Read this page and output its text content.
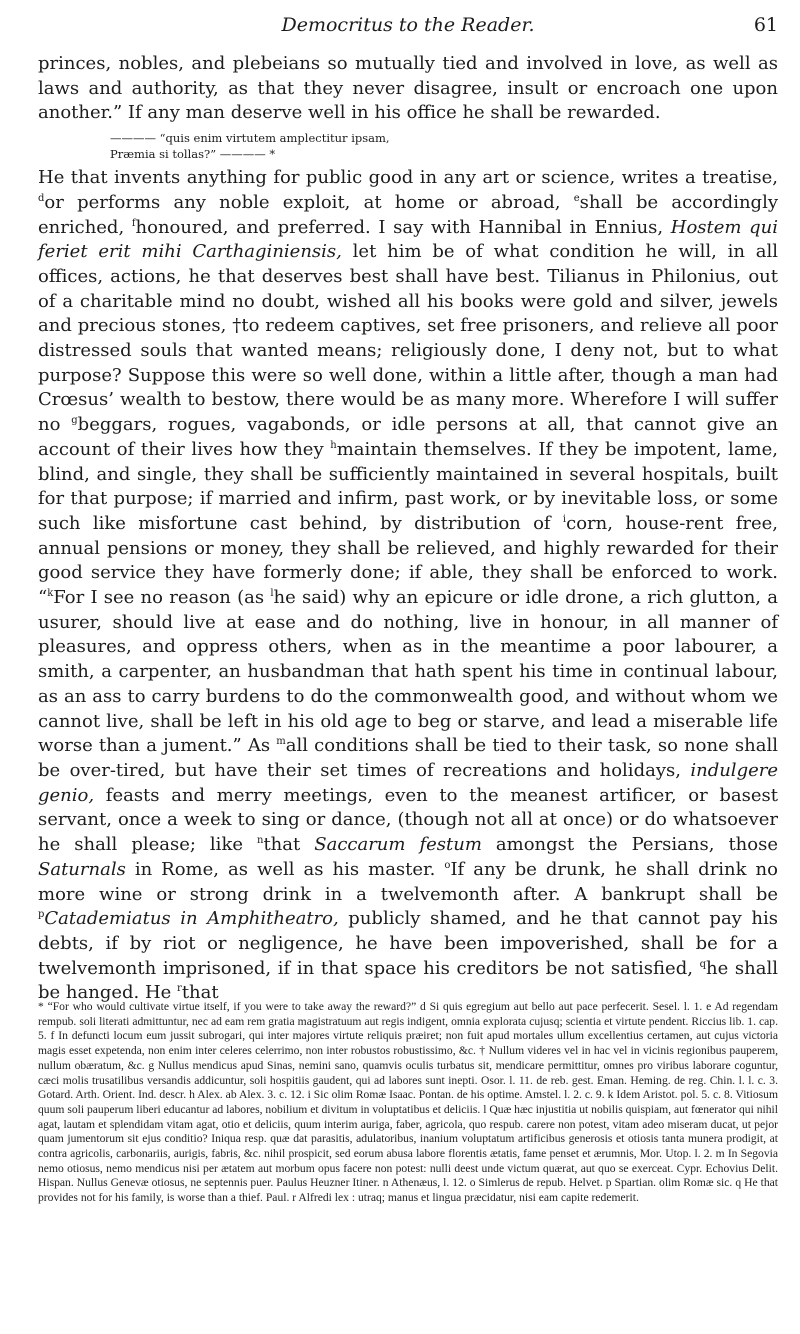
Democritus to the Reader.	61

princes, nobles, and plebeians so mutually tied and involved in love, as well as laws and authority, as that they never disagree, insult or encroach one upon another.” If any man deserve well in his office he shall be rewarded.

———— “quis enim virtutem amplectitur ipsam,
Præmia si tollas?” ———— *

He that invents anything for public good in any art or science, writes a treatise, $^d$or performs any noble exploit, at home or abroad, $^e$shall be accordingly enriched, $^f$honoured, and preferred. I say with Hannibal in Ennius, Hostem qui feriet erit mihi Carthaginiensis, let him be of what condition he will, in all offices, actions, he that deserves best shall have best. Tilianus in Philonius, out of a charitable mind no doubt, wished all his books were gold and silver, jewels and precious stones, †to redeem captives, set free prisoners, and relieve all poor distressed souls that wanted means; religiously done, I deny not, but to what purpose? Suppose this were so well done, within a little after, though a man had Crœsus’ wealth to bestow, there would be as many more. Wherefore I will suffer no $^g$beggars, rogues, vagabonds, or idle persons at all, that cannot give an account of their lives how they $^h$maintain themselves. If they be impotent, lame, blind, and single, they shall be sufficiently maintained in several hospitals, built for that purpose; if married and infirm, past work, or by inevitable loss, or some such like misfortune cast behind, by distribution of $^i$corn, house-rent free, annual pensions or money, they shall be relieved, and highly rewarded for their good service they have formerly done; if able, they shall be enforced to work. “$^k$For I see no reason (as $^l$he said) why an epicure or idle drone, a rich glutton, a usurer, should live at ease and do nothing, live in honour, in all manner of pleasures, and oppress others, when as in the meantime a poor labourer, a smith, a carpenter, an husbandman that hath spent his time in continual labour, as an ass to carry burdens to do the commonwealth good, and without whom we cannot live, shall be left in his old age to beg or starve, and lead a miserable life worse than a jument.” As $^m$all conditions shall be tied to their task, so none shall be over-tired, but have their set times of recreations and holidays, indulgere genio, feasts and merry meetings, even to the meanest artificer, or basest servant, once a week to sing or dance, (though not all at once) or do whatsoever he shall please; like $^n$that Saccarum festum amongst the Persians, those Saturnals in Rome, as well as his master. $^o$If any be drunk, he shall drink no more wine or strong drink in a twelvemonth after. A bankrupt shall be $^p$Catademiatus in Amphitheatro, publicly shamed, and he that cannot pay his debts, if by riot or negligence, he have been impoverished, shall be for a twelvemonth imprisoned, if in that space his creditors be not satisfied, $^q$he shall be hanged. He $^r$that

* “For who would cultivate virtue itself, if you were to take away the reward?” d Si quis egregium aut bello aut pace perfecerit. Sesel. l. 1. e Ad regendam rempub. soli literati admittuntur, nec ad eam rem gratia magistratuum aut regis indigent, omnia explorata cujusq; scientia et virtute pendent. Riccius lib. 1. cap. 5. f In defuncti locum eum jussit subrogari, qui inter majores virtute reliquis præiret; non fuit apud mortales ullum excellentius certamen, aut cujus victoria magis esset expetenda, non enim inter celeres celerrimo, non inter robustos robustissimo, &c. † Nullum videres vel in hac vel in vicinis regionibus pauperem, nullum obæratum, &c. g Nullus mendicus apud Sinas, nemini sano, quamvis oculis turbatus sit, mendicare permittitur, omnes pro viribus laborare coguntur, cæci molis trusatilibus versandis addicuntur, soli hospitiis gaudent, qui ad labores sunt inepti. Osor. l. 11. de reb. gest. Eman. Heming. de reg. Chin. l. l. c. 3. Gotard. Arth. Orient. Ind. descr. h Alex. ab Alex. 3. c. 12. i Sic olim Romæ Isaac. Pontan. de his optime. Amstel. l. 2. c. 9. k Idem Aristot. pol. 5. c. 8. Vitiosum quum soli pauperum liberi educantur ad labores, nobilium et divitum in voluptatibus et deliciis. l Quæ hæc injustitia ut nobilis quispiam, aut fœnerator qui nihil agat, lautam et splendidam vitam agat, otio et deliciis, quum interim auriga, faber, agricola, quo respub. carere non potest, vitam adeo miseram ducat, ut pejor quam jumentorum sit ejus conditio? Iniqua resp. quæ dat parasitis, adulatoribus, inanium voluptatum artificibus generosis et otiosis tanta munera prodigit, at contra agricolis, carbonariis, aurigis, fabris, &c. nihil prospicit, sed eorum abusa labore florentis ætatis, fame penset et ærumnis, Mor. Utop. l. 2. m In Segovia nemo otiosus, nemo mendicus nisi per ætatem aut morbum opus facere non potest: nulli deest unde victum quærat, aut quo se exerceat. Cypr. Echovius Delit. Hispan. Nullus Genevæ otiosus, ne septennis puer. Paulus Heuzner Itiner. n Athenæus, l. 12. o Simlerus de repub. Helvet. p Spartian. olim Romæ sic. q He that provides not for his family, is worse than a thief. Paul. r Alfredi lex : utraq; manus et lingua præcidatur, nisi eam capite redemerit.
